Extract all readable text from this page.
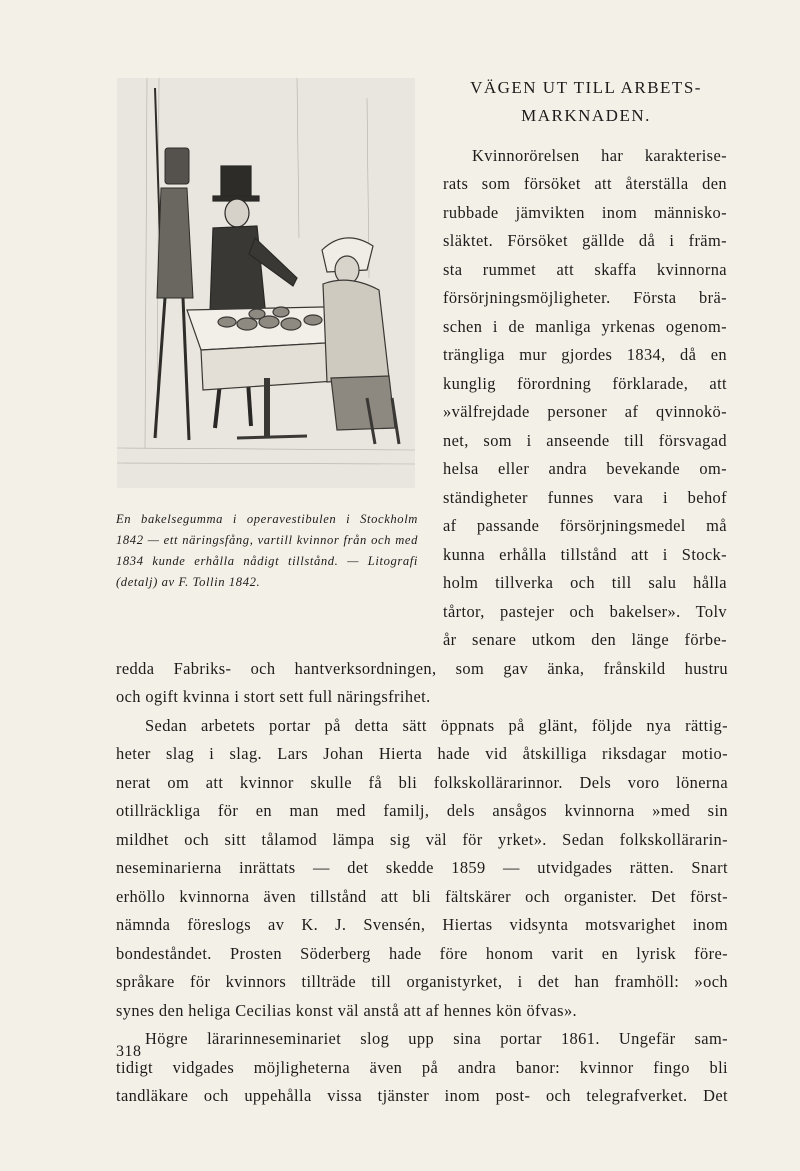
En bakelsegumma i operavestibulen i Stockholm 1842 — ett näringsfång, vartill kvinnor från och med 1834 kunde erhålla nådigt tillstånd. — Litografi (detalj) av F. Tollin 1842.
VÄGEN UT TILL ARBETS-
MARKNADEN.
Kvinnorörelsen har karakterise-
rats som försöket att återställa den
rubbade jämvikten inom människo-
släktet. Försöket gällde då i främ-
sta rummet att skaffa kvinnorna
försörjningsmöjligheter. Första brä-
schen i de manliga yrkenas ogenom-
trängliga mur gjordes 1834, då en
kunglig förordning förklarade, att
»välfrejdade personer af qvinnokö-
net, som i anseende till försvagad
helsa eller andra bevekande om-
ständigheter funnes vara i behof
af passande försörjningsmedel må
kunna erhålla tillstånd att i Stock-
holm tillverka och till salu hålla
tårtor, pastejer och bakelser». Tolv
år senare utkom den länge förbe-
redda Fabriks- och hantverksordningen, som gav änka, frånskild hustru
och ogift kvinna i stort sett full näringsfrihet.
Sedan arbetets portar på detta sätt öppnats på glänt, följde nya rättig-
heter slag i slag. Lars Johan Hierta hade vid åtskilliga riksdagar motio-
nerat om att kvinnor skulle få bli folkskollärarinnor. Dels voro lönerna
otillräckliga för en man med familj, dels ansågos kvinnorna »med sin
mildhet och sitt tålamod lämpa sig väl för yrket». Sedan folkskollärarin-
neseminarierna inrättats — det skedde 1859 — utvidgades rätten. Snart
erhöllo kvinnorna även tillstånd att bli fältskärer och organister. Det först-
nämnda föreslogs av K. J. Svensén, Hiertas vidsynta motsvarighet inom
bondeståndet. Prosten Söderberg hade före honom varit en lyrisk före-
språkare för kvinnors tillträde till organistyrket, i det han framhöll: »och
synes den heliga Cecilias konst väl anstå att af hennes kön öfvas».
Högre lärarinneseminariet slog upp sina portar 1861. Ungefär sam-
tidigt vidgades möjligheterna även på andra banor: kvinnor fingo bli
tandläkare och uppehålla vissa tjänster inom post- och telegrafverket. Det
318
